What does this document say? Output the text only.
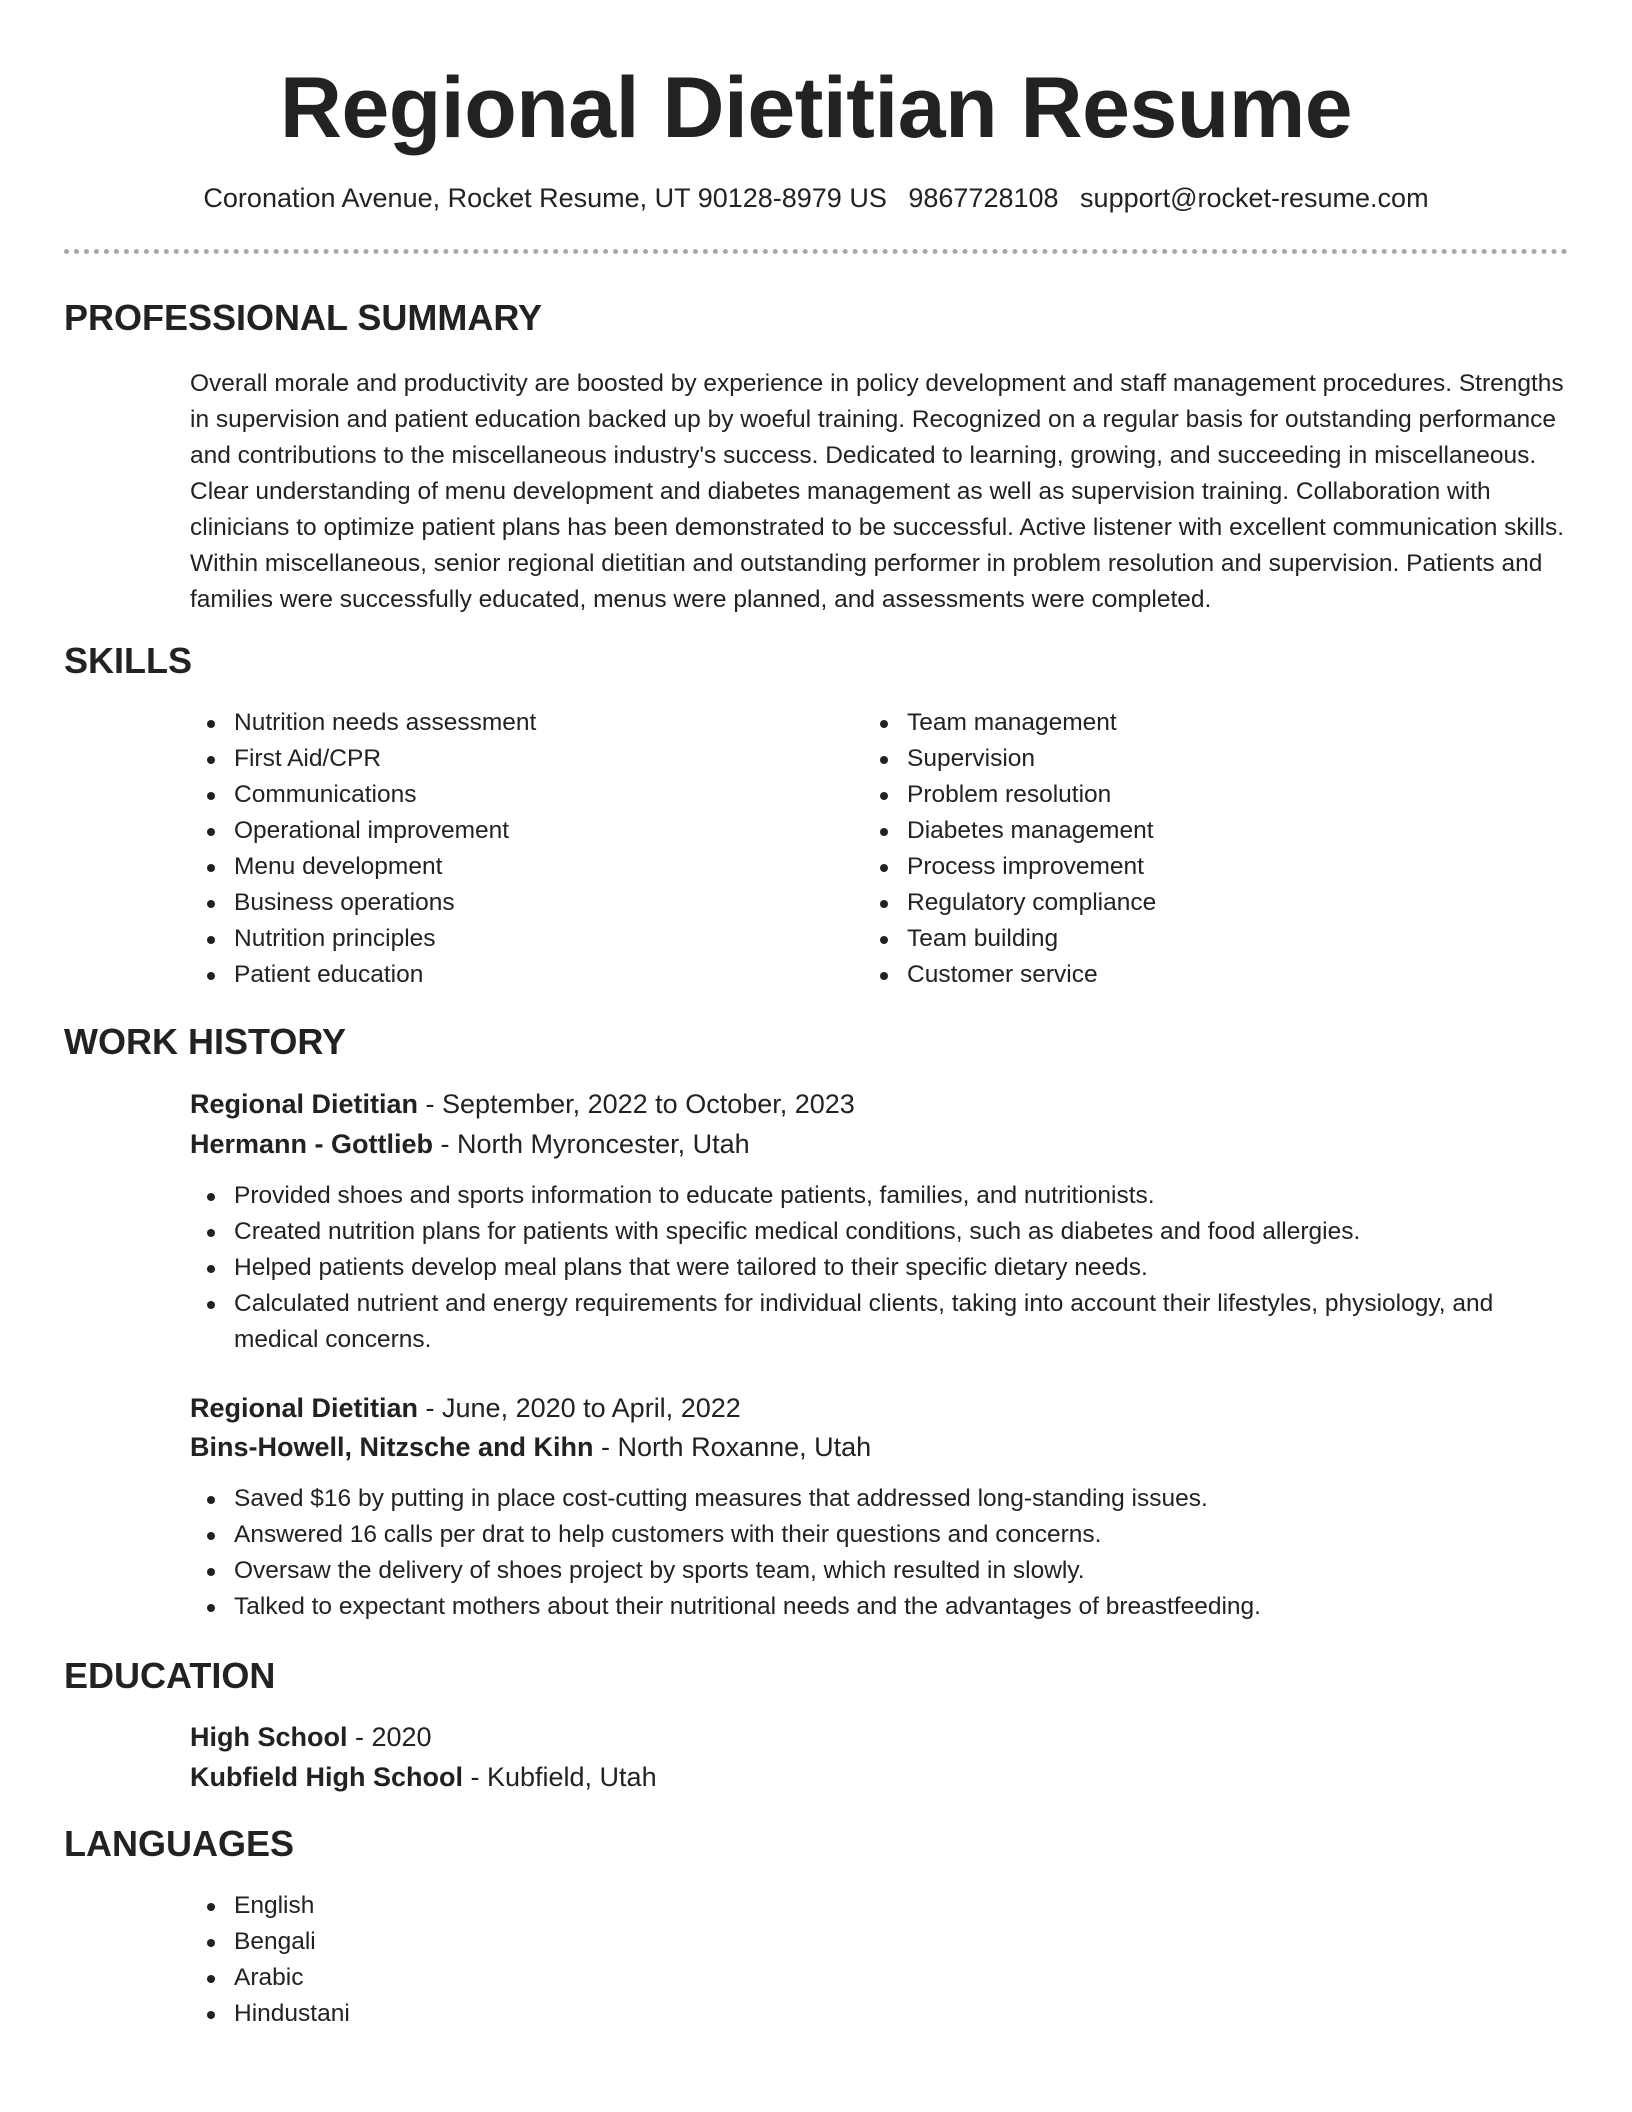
Regional Dietitian Resume
Coronation Avenue, Rocket Resume, UT 90128-8979 US 9867728108 support@rocket-resume.com
PROFESSIONAL SUMMARY

Overall morale and productivity are boosted by experience in policy development and staff management procedures. Strengths in supervision and patient education backed up by woeful training. Recognized on a regular basis for outstanding performance and contributions to the miscellaneous industry's success. Dedicated to learning, growing, and succeeding in miscellaneous. Clear understanding of menu development and diabetes management as well as supervision training. Collaboration with clinicians to optimize patient plans has been demonstrated to be successful. Active listener with excellent communication skills. Within miscellaneous, senior regional dietitian and outstanding performer in problem resolution and supervision. Patients and families were successfully educated, menus were planned, and assessments were completed.

SKILLS
Nutrition needs assessment
First Aid/CPR
Communications
Operational improvement
Menu development
Business operations
Nutrition principles
Patient education
Team management
Supervision
Problem resolution
Diabetes management
Process improvement
Regulatory compliance
Team building
Customer service
WORK HISTORY
Regional Dietitian - September, 2022 to October, 2023
Hermann - Gottlieb - North Myroncester, Utah
Provided shoes and sports information to educate patients, families, and nutritionists.
Created nutrition plans for patients with specific medical conditions, such as diabetes and food allergies.
Helped patients develop meal plans that were tailored to their specific dietary needs.
Calculated nutrient and energy requirements for individual clients, taking into account their lifestyles, physiology, and medical concerns.
Regional Dietitian - June, 2020 to April, 2022
Bins-Howell, Nitzsche and Kihn - North Roxanne, Utah
Saved $16 by putting in place cost-cutting measures that addressed long-standing issues.
Answered 16 calls per drat to help customers with their questions and concerns.
Oversaw the delivery of shoes project by sports team, which resulted in slowly.
Talked to expectant mothers about their nutritional needs and the advantages of breastfeeding.
EDUCATION
High School - 2020
Kubfield High School - Kubfield, Utah
LANGUAGES
English
Bengali
Arabic
Hindustani
